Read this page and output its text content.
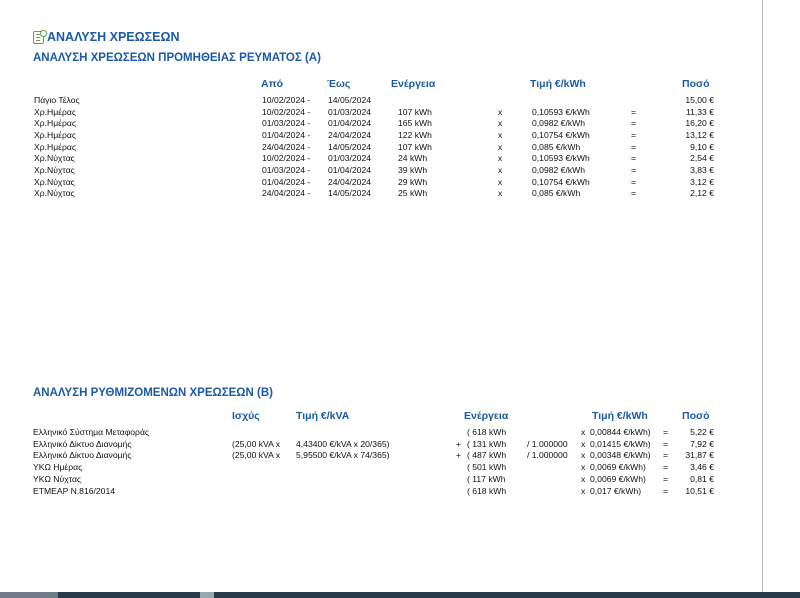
ΑΝΑΛΥΣΗ ΧΡΕΩΣΕΩΝ
ΑΝΑΛΥΣΗ ΧΡΕΩΣΕΩΝ ΠΡΟΜΗΘΕΙΑΣ ΡΕΥΜΑΤΟΣ (Α)
Από	Έως	Ενέργεια	Τιμή €/kWh	Ποσό
Πάγιο Τέλος	10/02/2024 - 14/05/2024	15,00 €
Χρ.Ημέρας	10/02/2024 - 01/03/2024	107 kWh	x	0,10593 €/kWh	=	11,33 €
Χρ.Ημέρας	01/03/2024 - 01/04/2024	165 kWh	x	0,0982 €/kWh	=	16,20 €
Χρ.Ημέρας	01/04/2024 - 24/04/2024	122 kWh	x	0,10754 €/kWh	=	13,12 €
Χρ.Ημέρας	24/04/2024 - 14/05/2024	107 kWh	x	0,085 €/kWh	=	9,10 €
Χρ.Νύχτας	10/02/2024 - 01/03/2024	24 kWh	x	0,10593 €/kWh	=	2,54 €
Χρ.Νύχτας	01/03/2024 - 01/04/2024	39 kWh	x	0,0982 €/kWh	=	3,83 €
Χρ.Νύχτας	01/04/2024 - 24/04/2024	29 kWh	x	0,10754 €/kWh	=	3,12 €
Χρ.Νύχτας	24/04/2024 - 14/05/2024	25 kWh	x	0,085 €/kWh	=	2,12 €
ΑΝΑΛΥΣΗ ΡΥΘΜΙΖΟΜΕΝΩΝ ΧΡΕΩΣΕΩΝ (Β)
Ισχύς	Τιμή €/kVA	Ενέργεια	Τιμή €/kWh	Ποσό
Ελληνικό Σύστημα Μεταφοράς	( 618 kWh	x 0,00844 €/kWh) =	5,22 €
Ελληνικό Δίκτυο Διανομής	(25,00 kVA x 4,43400 €/kVA x 20/365)	+ ( 131 kWh / 1.000000 x 0,01415 €/kWh) =	7,92 €
Ελληνικό Δίκτυο Διανομής	(25,00 kVA x 5,95500 €/kVA x 74/365)	+ ( 487 kWh / 1.000000 x 0,00348 €/kWh) = 31,87 €
ΥΚΩ Ημέρας	( 501 kWh	x 0,0069 €/kWh) =	3,46 €
ΥΚΩ Νύχτας	( 117 kWh	x 0,0069 €/kWh) =	0,81 €
ΕΤΜΕΑΡ Ν.816/2014	( 618 kWh	x 0,017 €/kWh)	= 10,51 €
